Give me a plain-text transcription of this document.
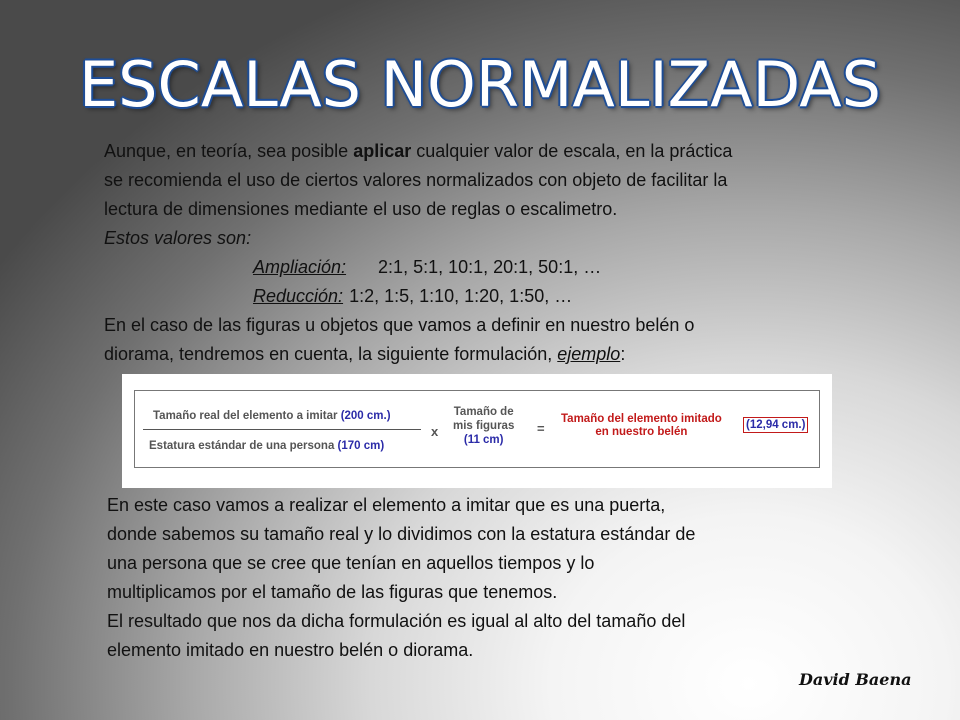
ESCALAS NORMALIZADAS
Aunque, en teoría, sea posible aplicar cualquier valor de escala, en la práctica
se recomienda el uso de ciertos valores normalizados con objeto de facilitar la
lectura de dimensiones mediante el uso de reglas o escalimetro.
Estos valores son:
Ampliación: 2:1, 5:1, 10:1, 20:1, 50:1, …
Reducción: 1:2, 1:5, 1:10, 1:20, 1:50, …
En el caso de las figuras u objetos que vamos a definir en nuestro belén o
diorama, tendremos en cuenta, la siguiente formulación, ejemplo:
Tamaño real del elemento a imitar (200 cm.)
Estatura estándar de una persona (170 cm)
x
Tamaño de
mis figuras
(11 cm)
=
Tamaño del elemento imitado
en nuestro belén
(12,94 cm.)
En este caso vamos a realizar el elemento a imitar que es una puerta,
donde sabemos su tamaño real y lo dividimos con la estatura estándar de
una persona que se cree que tenían en aquellos tiempos y lo
multiplicamos por el tamaño de las figuras que tenemos.
El resultado que nos da dicha formulación es igual al alto del tamaño del
elemento imitado en nuestro belén o diorama.
David Baena
